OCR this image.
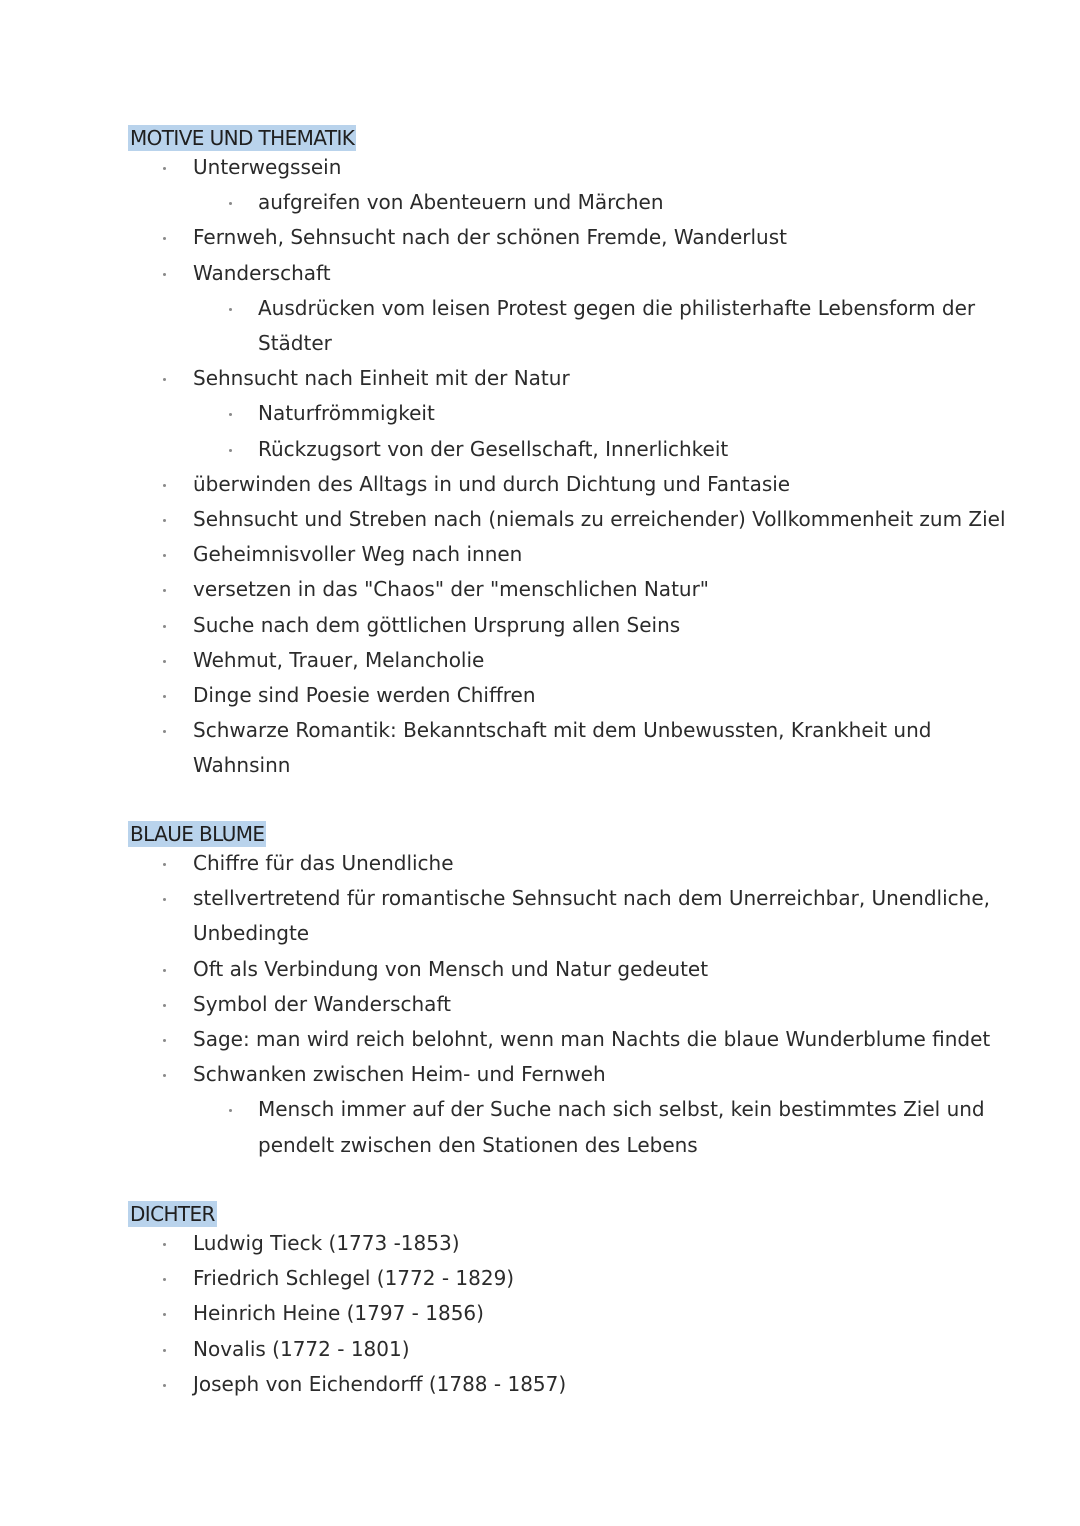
MOTIVE UND THEMATIK
Unterwegssein
aufgreifen von Abenteuern und Märchen
Fernweh, Sehnsucht nach der schönen Fremde, Wanderlust
Wanderschaft
Ausdrücken vom leisen Protest gegen die philisterhafte Lebensform der
Städter
Sehnsucht nach Einheit mit der Natur
Naturfrömmigkeit
Rückzugsort von der Gesellschaft, Innerlichkeit
überwinden des Alltags in und durch Dichtung und Fantasie
Sehnsucht und Streben nach (niemals zu erreichender) Vollkommenheit zum Ziel
Geheimnisvoller Weg nach innen
versetzen in das "Chaos" der "menschlichen Natur"
Suche nach dem göttlichen Ursprung allen Seins
Wehmut, Trauer, Melancholie
Dinge sind Poesie werden Chiffren
Schwarze Romantik: Bekanntschaft mit dem Unbewussten, Krankheit und
Wahnsinn
BLAUE BLUME
Chiffre für das Unendliche
stellvertretend für romantische Sehnsucht nach dem Unerreichbar, Unendliche,
Unbedingte
Oft als Verbindung von Mensch und Natur gedeutet
Symbol der Wanderschaft
Sage: man wird reich belohnt, wenn man Nachts die blaue Wunderblume findet
Schwanken zwischen Heim- und Fernweh
Mensch immer auf der Suche nach sich selbst, kein bestimmtes Ziel und
pendelt zwischen den Stationen des Lebens
DICHTER
Ludwig Tieck (1773 -1853)
Friedrich Schlegel (1772 - 1829)
Heinrich Heine (1797 - 1856)
Novalis (1772 - 1801)
Joseph von Eichendorff (1788 - 1857)
